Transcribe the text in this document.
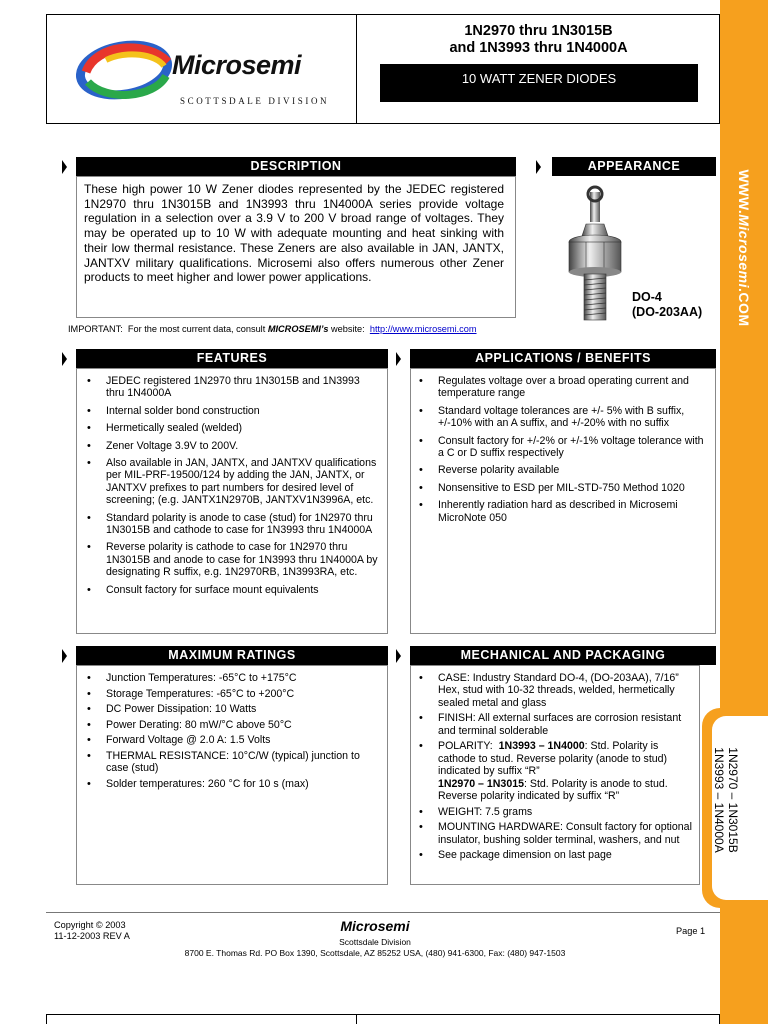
WWW.Microsemi.COM
1N2970 – 1N3015B
1N3993 – 1N4000A
Microsemi
SCOTTSDALE DIVISION
1N2970 thru 1N3015B
and 1N3993 thru 1N4000A
10 WATT ZENER DIODES
DESCRIPTION
These high power 10 W Zener diodes represented by the JEDEC registered 1N2970 thru 1N3015B and 1N3993 thru 1N4000A series provide voltage regulation in a selection over a 3.9 V to 200 V broad range of voltages. They may be operated up to 10 W with adequate mounting and heat sinking with their low thermal resistance. These Zeners are also available in JAN, JANTX, JANTXV military qualifications. Microsemi also offers numerous other Zener products to meet higher and lower power applications.
IMPORTANT: For the most current data, consult MICROSEMI’s website: http://www.microsemi.com
APPEARANCE
DO-4
(DO-203AA)
FEATURES
• JEDEC registered 1N2970 thru 1N3015B and 1N3993 thru 1N4000A
• Internal solder bond construction
• Hermetically sealed (welded)
• Zener Voltage 3.9V to 200V.
• Also available in JAN, JANTX, and JANTXV qualifications per MIL-PRF-19500/124 by adding the JAN, JANTX, or JANTXV prefixes to part numbers for desired level of screening; (e.g. JANTX1N2970B, JANTXV1N3996A, etc.
• Standard polarity is anode to case (stud) for 1N2970 thru 1N3015B and cathode to case for 1N3993 thru 1N4000A
• Reverse polarity is cathode to case for 1N2970 thru 1N3015B and anode to case for 1N3993 thru 1N4000A by designating R suffix, e.g. 1N2970RB, 1N3993RA, etc.
• Consult factory for surface mount equivalents
APPLICATIONS / BENEFITS
• Regulates voltage over a broad operating current and temperature range
• Standard voltage tolerances are +/- 5% with B suffix, +/-10% with an A suffix, and +/-20% with no suffix
• Consult factory for +/-2% or +/-1% voltage tolerance with a C or D suffix respectively
• Reverse polarity available
• Nonsensitive to ESD per MIL-STD-750 Method 1020
• Inherently radiation hard as described in Microsemi MicroNote 050
MAXIMUM RATINGS
• Junction Temperatures: -65°C to +175°C
• Storage Temperatures: -65°C to +200°C
• DC Power Dissipation: 10 Watts
• Power Derating: 80 mW/°C above 50°C
• Forward Voltage @ 2.0 A: 1.5 Volts
• THERMAL RESISTANCE: 10°C/W (typical) junction to case (stud)
• Solder temperatures: 260 °C for 10 s (max)
MECHANICAL AND PACKAGING
• CASE: Industry Standard DO-4, (DO-203AA), 7/16” Hex, stud with 10-32 threads, welded, hermetically sealed metal and glass
• FINISH: All external surfaces are corrosion resistant and terminal solderable
• POLARITY: 1N3993 – 1N4000: Std. Polarity is cathode to stud. Reverse polarity (anode to stud) indicated by suffix “R”
1N2970 – 1N3015: Std. Polarity is anode to stud. Reverse polarity indicated by suffix “R”
• WEIGHT: 7.5 grams
• MOUNTING HARDWARE: Consult factory for optional insulator, bushing solder terminal, washers, and nut
• See package dimension on last page
Copyright © 2003
11-12-2003 REV A
Microsemi
Scottsdale Division
8700 E. Thomas Rd. PO Box 1390, Scottsdale, AZ 85252 USA, (480) 941-6300, Fax: (480) 947-1503
Page 1
